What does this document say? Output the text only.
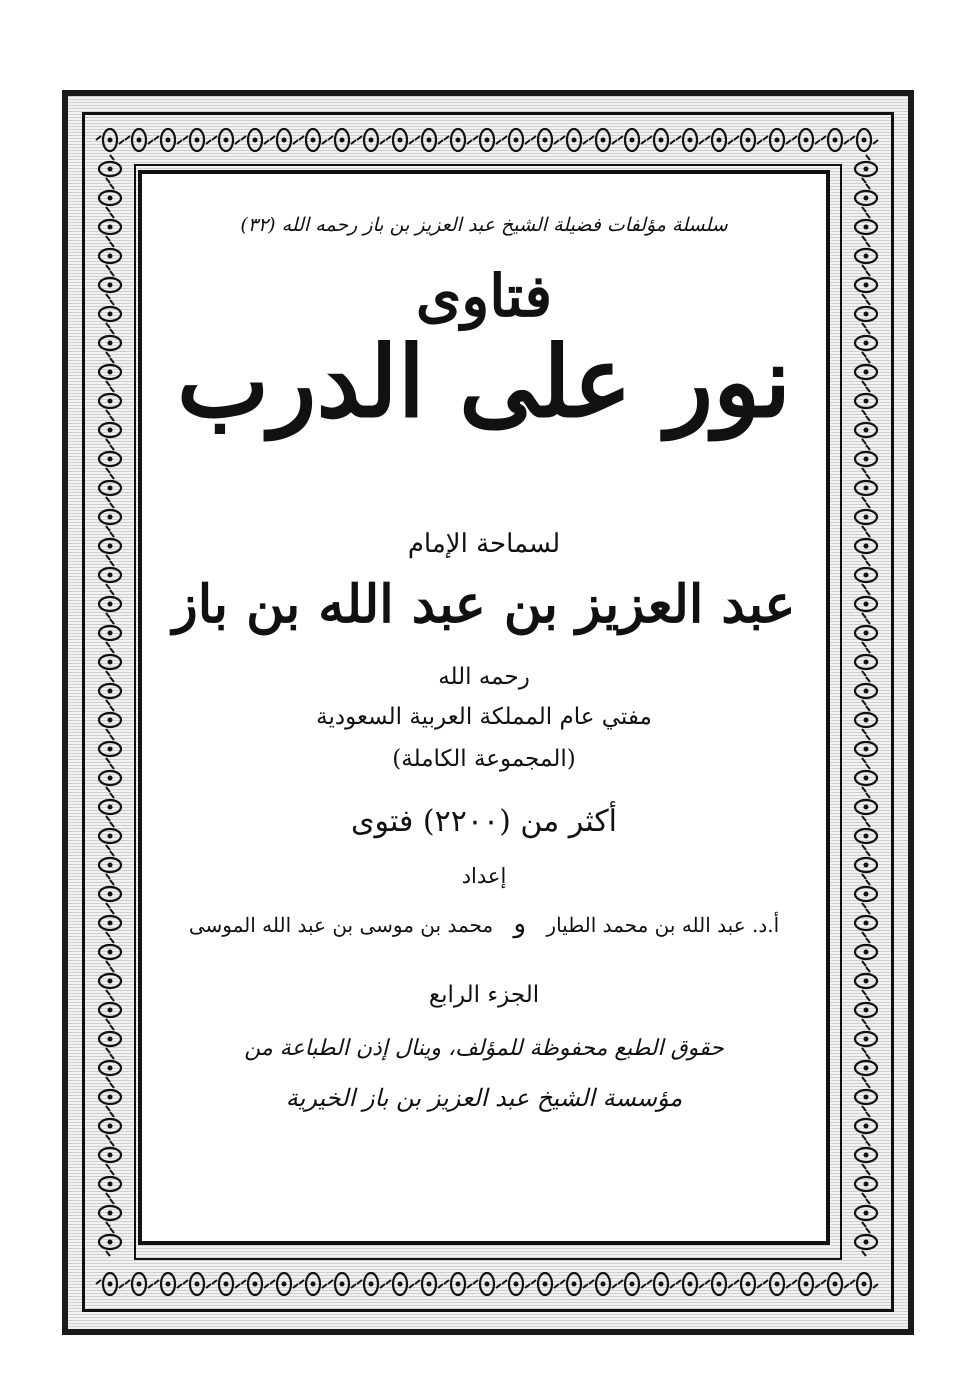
سلسلة مؤلفات فضيلة الشيخ عبد العزيز بن باز رحمه الله (٣٢)
فتاوى
نور على الدرب
لسماحة الإمام
عبد العزيز بن عبد الله بن باز
رحمه الله
مفتي عام المملكة العربية السعودية
(المجموعة الكاملة)
أكثر من (٢٢٠٠) فتوى
إعداد
أ.د. عبد الله بن محمد الطيار و محمد بن موسى بن عبد الله الموسى
الجزء الرابع
حقوق الطبع محفوظة للمؤلف، وينال إذن الطباعة من
مؤسسة الشيخ عبد العزيز بن باز الخيرية
